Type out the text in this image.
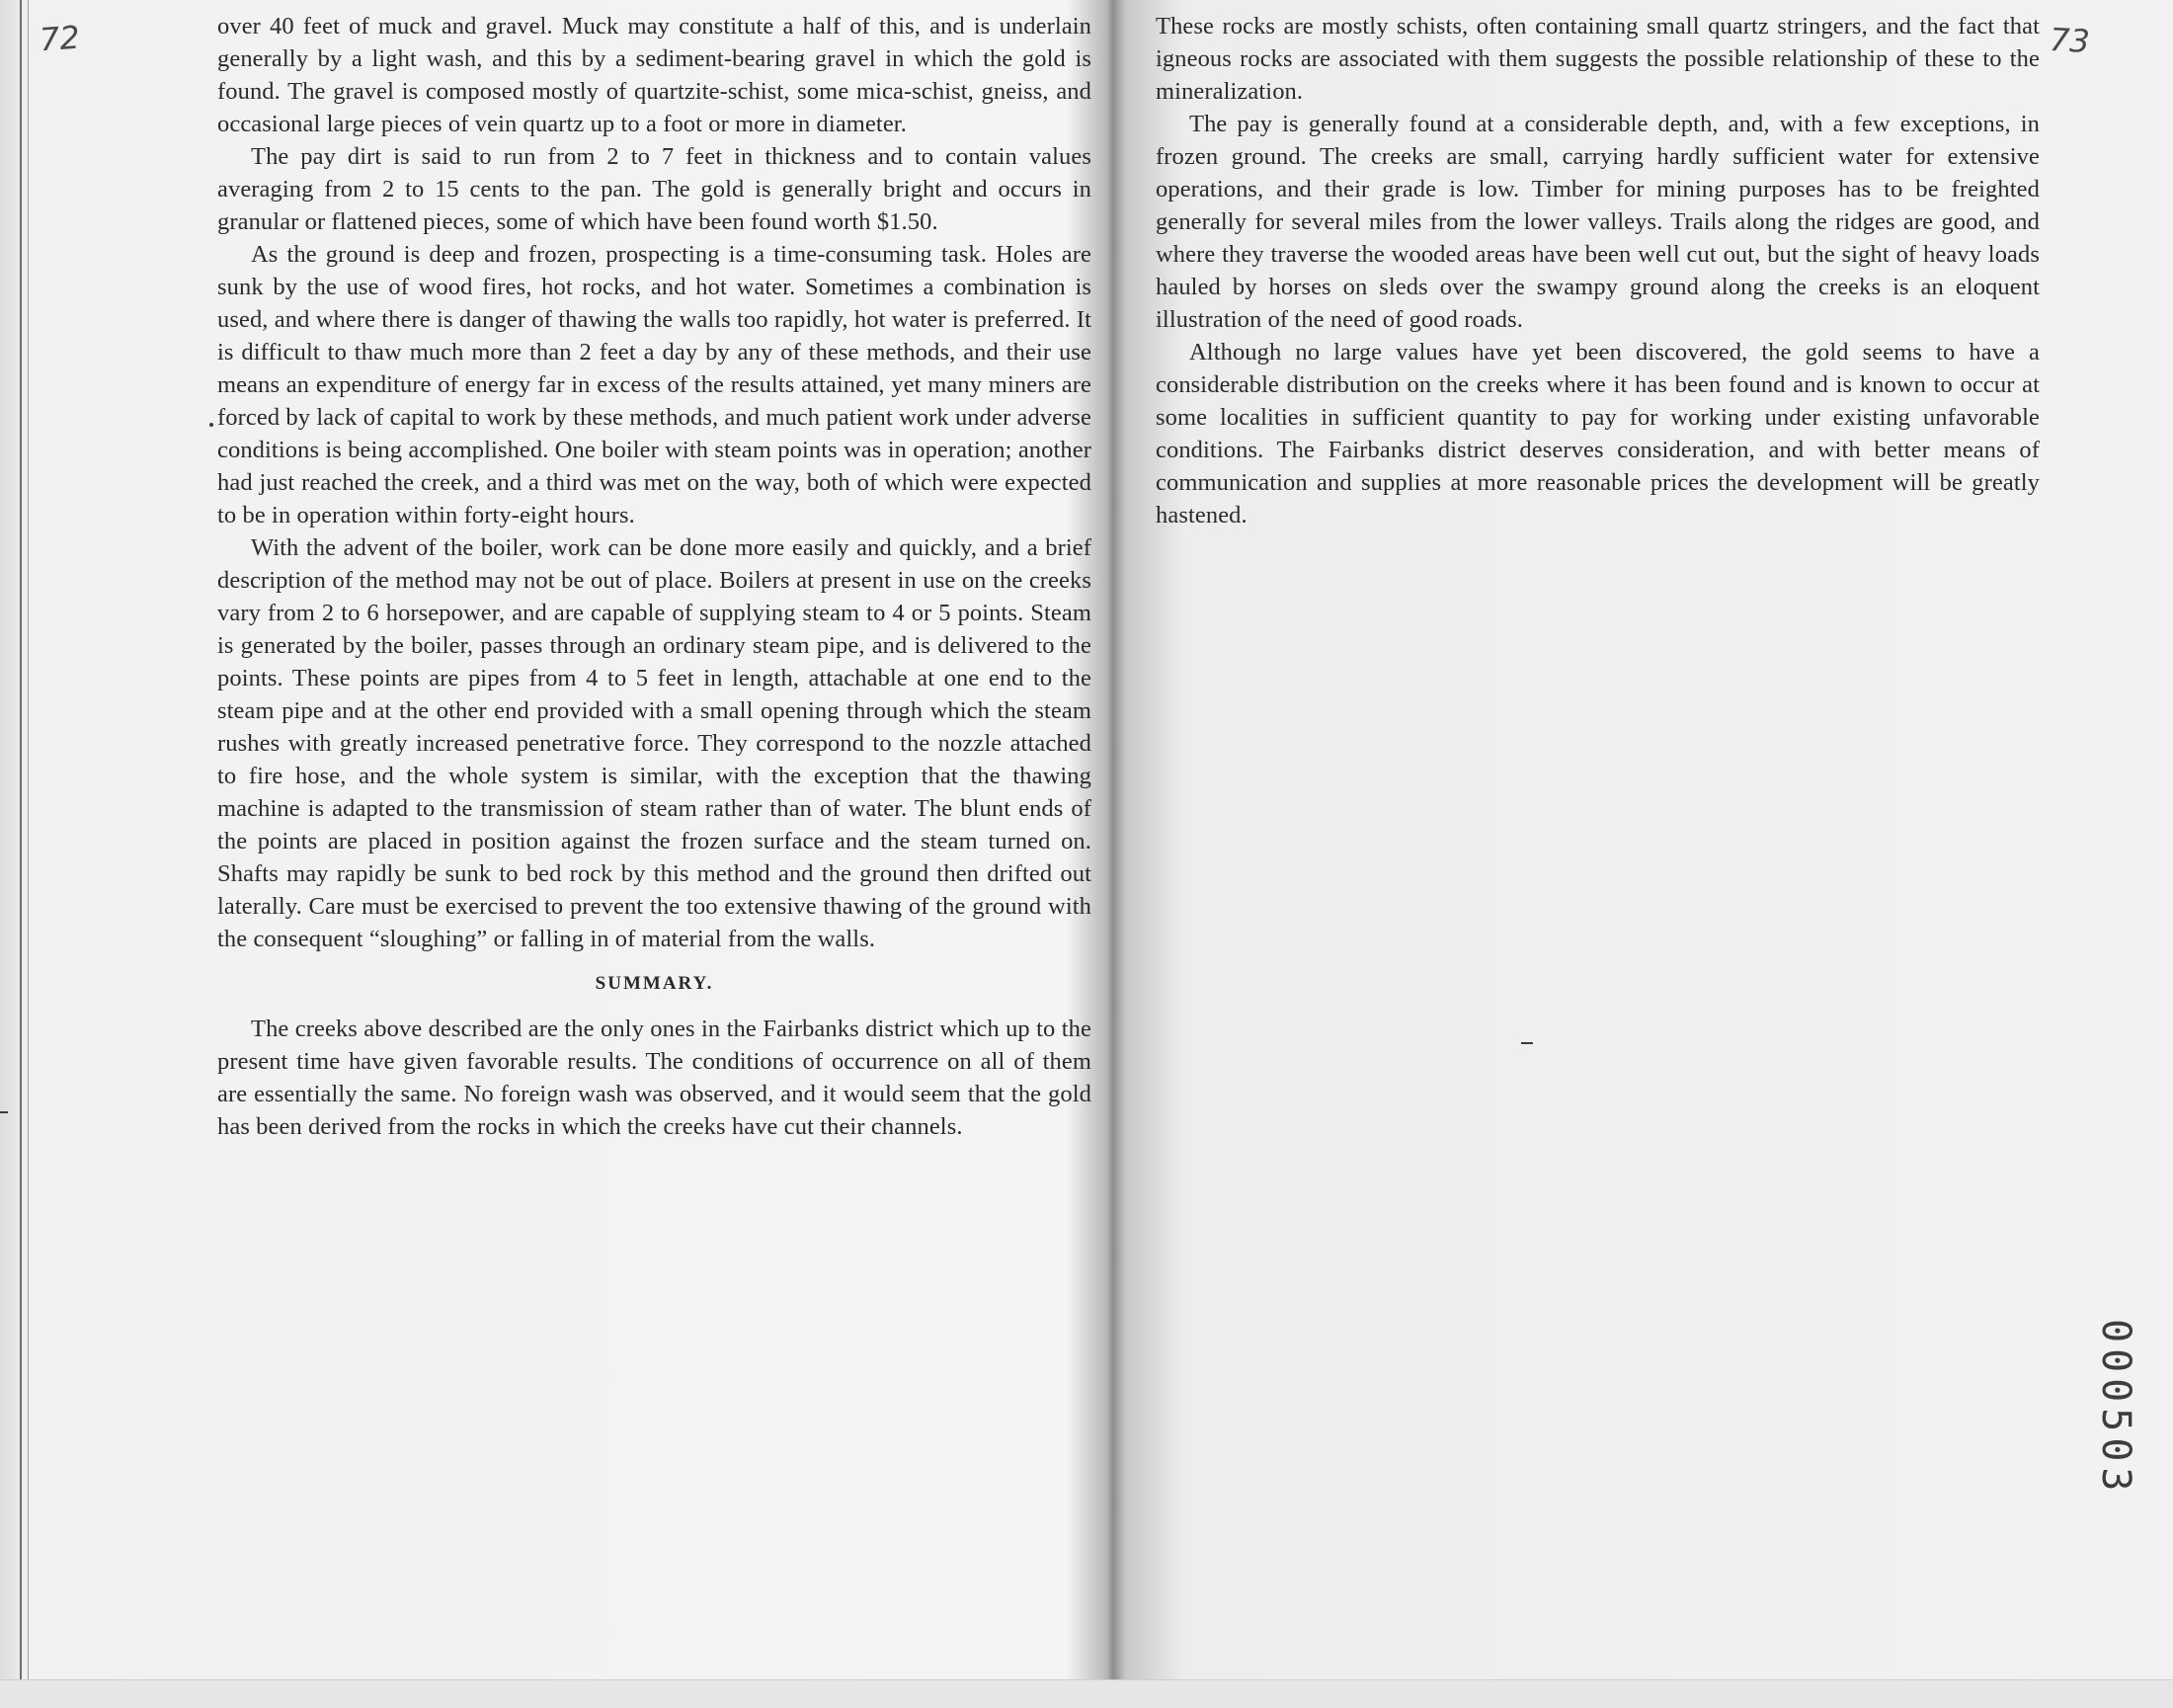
72	73

over 40 feet of muck and gravel. Muck may constitute a half of this, and is underlain generally by a light wash, and this by a sediment-bearing gravel in which the gold is found. The gravel is composed mostly of quartzite-schist, some mica-schist, gneiss, and occasional large pieces of vein quartz up to a foot or more in diameter.

The pay dirt is said to run from 2 to 7 feet in thickness and to contain values averaging from 2 to 15 cents to the pan. The gold is generally bright and occurs in granular or flattened pieces, some of which have been found worth $1.50.

As the ground is deep and frozen, prospecting is a time-consuming task. Holes are sunk by the use of wood fires, hot rocks, and hot water. Sometimes a combination is used, and where there is danger of thawing the walls too rapidly, hot water is preferred. It is difficult to thaw much more than 2 feet a day by any of these methods, and their use means an expenditure of energy far in excess of the results attained, yet many miners are forced by lack of capital to work by these methods, and much patient work under adverse conditions is being accomplished. One boiler with steam points was in operation; another had just reached the creek, and a third was met on the way, both of which were expected to be in operation within forty-eight hours.

With the advent of the boiler, work can be done more easily and quickly, and a brief description of the method may not be out of place. Boilers at present in use on the creeks vary from 2 to 6 horsepower, and are capable of supplying steam to 4 or 5 points. Steam is generated by the boiler, passes through an ordinary steam pipe, and is delivered to the points. These points are pipes from 4 to 5 feet in length, attachable at one end to the steam pipe and at the other end provided with a small opening through which the steam rushes with greatly increased penetrative force. They correspond to the nozzle attached to fire hose, and the whole system is similar, with the exception that the thawing machine is adapted to the transmission of steam rather than of water. The blunt ends of the points are placed in position against the frozen surface and the steam turned on. Shafts may rapidly be sunk to bed rock by this method and the ground then drifted out laterally. Care must be exercised to prevent the too extensive thawing of the ground with the consequent “sloughing” or falling in of material from the walls.

SUMMARY.

The creeks above described are the only ones in the Fairbanks district which up to the present time have given favorable results. The conditions of occurrence on all of them are essentially the same. No foreign wash was observed, and it would seem that the gold has been derived from the rocks in which the creeks have cut their channels.

These rocks are mostly schists, often containing small quartz stringers, and the fact that igneous rocks are associated with them suggests the possible relationship of these to the mineralization.

The pay is generally found at a considerable depth, and, with a few exceptions, in frozen ground. The creeks are small, carrying hardly sufficient water for extensive operations, and their grade is low. Timber for mining purposes has to be freighted generally for several miles from the lower valleys. Trails along the ridges are good, and where they traverse the wooded areas have been well cut out, but the sight of heavy loads hauled by horses on sleds over the swampy ground along the creeks is an eloquent illustration of the need of good roads.

Although no large values have yet been discovered, the gold seems to have a considerable distribution on the creeks where it has been found and is known to occur at some localities in sufficient quantity to pay for working under existing unfavorable conditions. The Fairbanks district deserves consideration, and with better means of communication and supplies at more reasonable prices the development will be greatly hastened.

000503
